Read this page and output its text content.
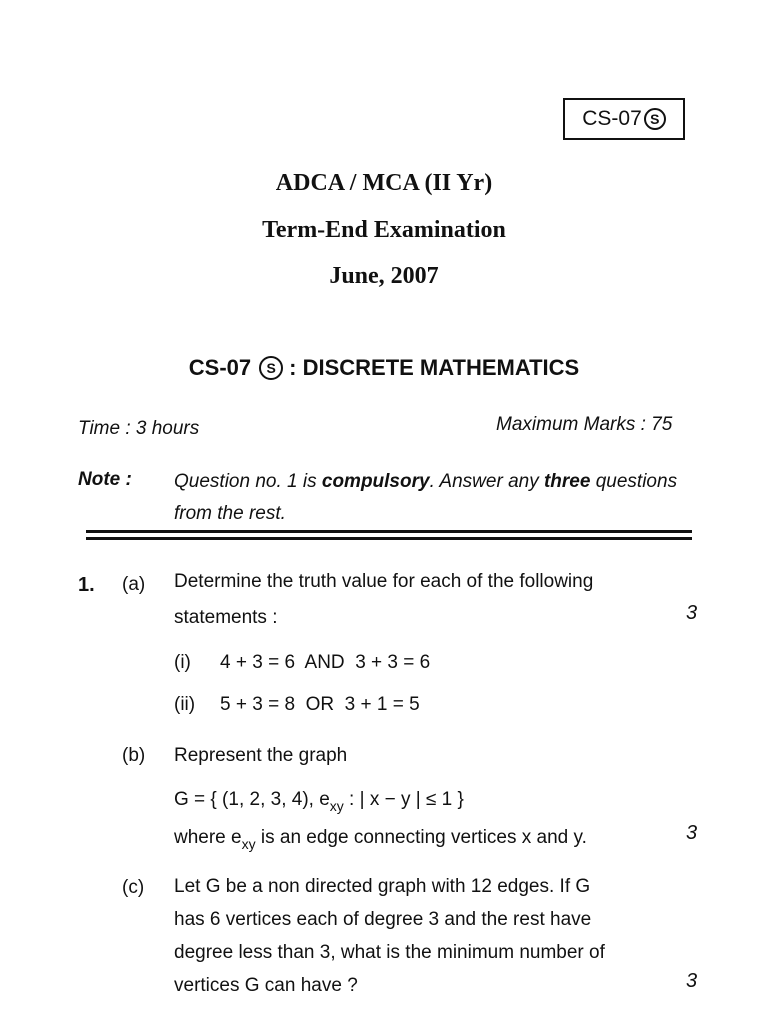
CS-07 S
ADCA / MCA (II Yr)
Term-End Examination
June, 2007
CS-07	S : DISCRETE MATHEMATICS
Time : 3 hours	Maximum Marks : 75
Note : Question no. 1 is compulsory. Answer any three questions from the rest.
1. (a) Determine the truth value for each of the following
statements :	3
(i) 4 + 3 = 6  AND  3 + 3 = 6
(ii) 5 + 3 = 8  OR  3 + 1 = 5
(b) Represent the graph
G = { (1, 2, 3, 4), $e_{xy}$ : | x − y | ≤ 1 }
where $e_{xy}$ is an edge connecting vertices x and y.	3
(c) Let G be a non directed graph with 12 edges. If G
has 6 vertices each of degree 3 and the rest have
degree less than 3, what is the minimum number of
vertices G can have ?	3
